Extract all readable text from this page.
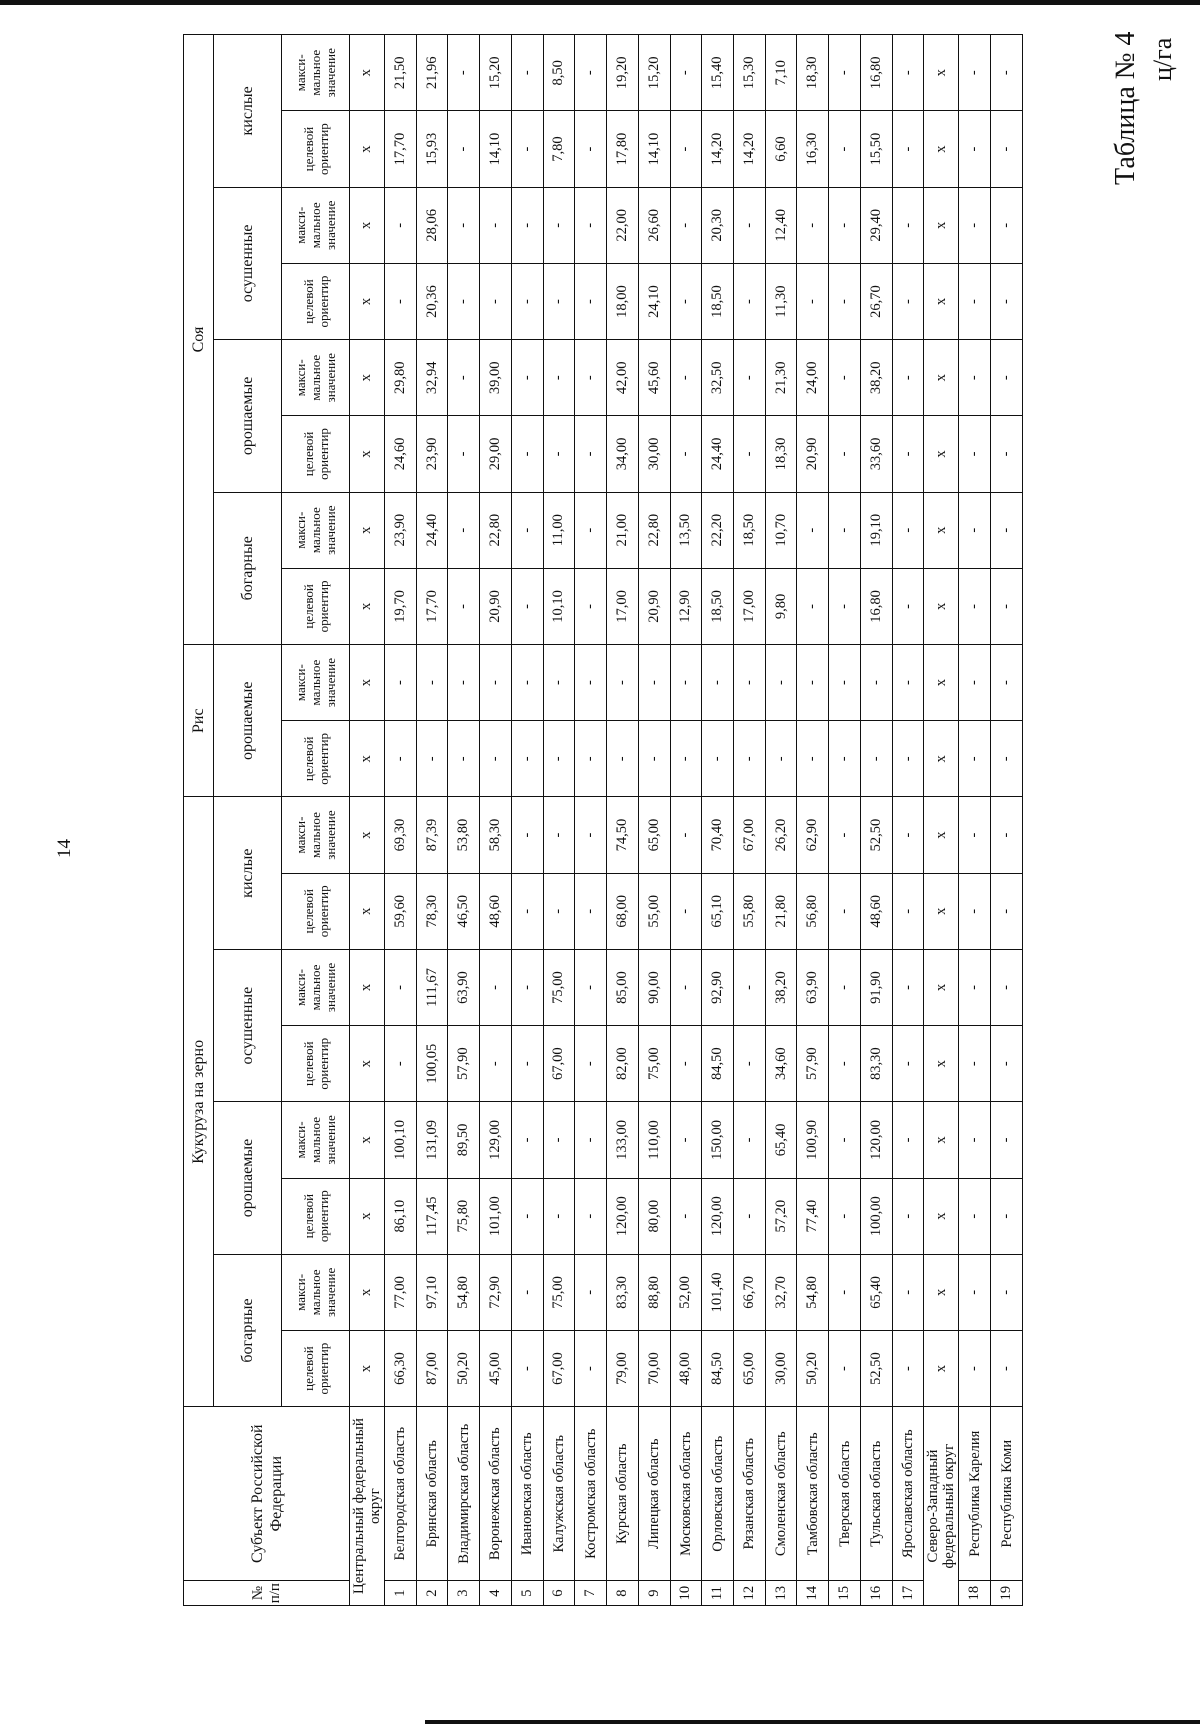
14
Таблица № 4 ц/га
№ п/п	Субъект Российской Федерации	Кукуруза на зерно								Рис		Соя							
		богарные		орошаемые		осушенные		кислые		орошаемые		богарные		орошаемые		осушенные		кислые	
		целевой ориентир	макси-мальное значение	целевой ориентир	макси-мальное значение	целевой ориентир	макси-мальное значение	целевой ориентир	макси-мальное значение	целевой ориентир	макси-мальное значение	целевой ориентир	макси-мальное значение	целевой ориентир	макси-мальное значение	целевой ориентир	макси-мальное значение	целевой ориентир	макси-мальное значение
Центральный федеральный округ		х	х	х	х	х	х	х	х	х	х	х	х	х	х	х	х	х	х
1	Белгородская область	66,30	77,00	86,10	100,10	-	-	59,60	69,30	-	-	19,70	23,90	24,60	29,80	-	-	17,70	21,50
2	Брянская область	87,00	97,10	117,45	131,09	100,05	111,67	78,30	87,39	-	-	17,70	24,40	23,90	32,94	20,36	28,06	15,93	21,96
3	Владимирская область	50,20	54,80	75,80	89,50	57,90	63,90	46,50	53,80	-	-	-	-	-	-	-	-	-	-
4	Воронежская область	45,00	72,90	101,00	129,00	-	-	48,60	58,30	-	-	20,90	22,80	29,00	39,00	-	-	14,10	15,20
5	Ивановская область	-	-	-	-	-	-	-	-	-	-	-	-	-	-	-	-	-	-
6	Калужская область	67,00	75,00	-	-	67,00	75,00	-	-	-	-	10,10	11,00	-	-	-	-	7,80	8,50
7	Костромская область	-	-	-	-	-	-	-	-	-	-	-	-	-	-	-	-	-	-
8	Курская область	79,00	83,30	120,00	133,00	82,00	85,00	68,00	74,50	-	-	17,00	21,00	34,00	42,00	18,00	22,00	17,80	19,20
9	Липецкая область	70,00	88,80	80,00	110,00	75,00	90,00	55,00	65,00	-	-	20,90	22,80	30,00	45,60	24,10	26,60	14,10	15,20
10	Московская область	48,00	52,00	-	-	-	-	-	-	-	-	12,90	13,50	-	-	-	-	-	-
11	Орловская область	84,50	101,40	120,00	150,00	84,50	92,90	65,10	70,40	-	-	18,50	22,20	24,40	32,50	18,50	20,30	14,20	15,40
12	Рязанская область	65,00	66,70	-	-	-	-	55,80	67,00	-	-	17,00	18,50	-	-	-	-	14,20	15,30
13	Смоленская область	30,00	32,70	57,20	65,40	34,60	38,20	21,80	26,20	-	-	9,80	10,70	18,30	21,30	11,30	12,40	6,60	7,10
14	Тамбовская область	50,20	54,80	77,40	100,90	57,90	63,90	56,80	62,90	-	-	-	-	20,90	24,00	-	-	16,30	18,30
15	Тверская область	-	-	-	-	-	-	-	-	-	-	-	-	-	-	-	-	-	-
16	Тульская область	52,50	65,40	100,00	120,00	83,30	91,90	48,60	52,50	-	-	16,80	19,10	33,60	38,20	26,70	29,40	15,50	16,80
17	Ярославская область	-	-	-	-	-	-	-	-	-	-	-	-	-	-	-	-	-	-
Северо-Западный федеральный округ		х	х	х	х	х	х	х	х	х	х	х	х	х	х	х	х	х	х
18	Республика Карелия	-	-	-	-	-	-	-	-	-	-	-	-	-	-	-	-	-	-
19	Республика Коми	-	-	-	-	-	-	-	-	-	-	-	-	-	-	-	-	-	-
